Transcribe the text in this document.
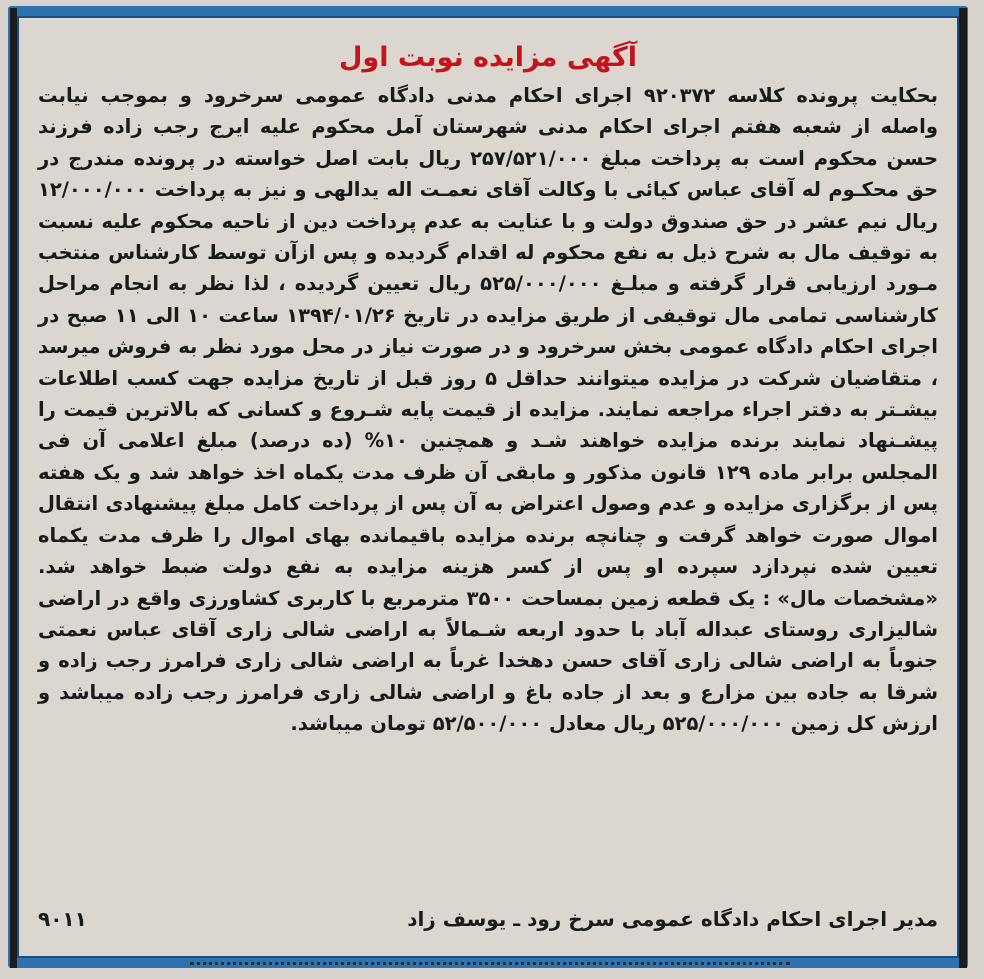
آگهی مزایده نوبت اول

بحکایت پرونده کلاسه ۹۲۰۳۷۲ اجرای احکام مدنی دادگاه عمومی سرخرود و بموجب نیابت واصله از شعبه هفتم اجرای احکام مدنی شهرستان آمل محکوم علیه ایرج رجب زاده فرزند حسن محکوم است به پرداخت مبلغ ۲۵۷/۵۲۱/۰۰۰ ریال بابت اصل خواسته در پرونده مندرج در حق محکـوم له آقای عباس کیائی با وکالت آقای نعمـت اله یدالهی و نیز به پرداخت ۱۲/۰۰۰/۰۰۰ ریال نیم عشر در حق صندوق دولت و با عنایت به عدم پرداخت دین از ناحیه محکوم علیه نسبت به توقیف مال به شرح ذیل به نفع محکوم له اقدام گردیده و پس ازآن توسط کارشناس منتخب مـورد ارزیابی قرار گرفته و مبلـغ ۵۲۵/۰۰۰/۰۰۰ ریال تعیین گردیده ، لذا نظر به انجام مراحل کارشناسی تمامی مال توقیفی از طریق مزایده در تاریخ ۱۳۹۴/۰۱/۲۶ ساعت ۱۰ الی ۱۱ صبح در اجرای احکام دادگاه عمومی بخش سرخرود و در صورت نیاز در محل مورد نظر به فروش میرسد ، متقاضیان شرکت در مزایده میتوانند حداقل ۵ روز قبل از تاریخ مزایده جهت کسب اطلاعات بیشـتر به دفتر اجراء مراجعه نمایند. مزایده از قیمت پایه شـروع و کسانی که بالاترین قیمت را پیشـنهاد نمایند برنده مزایده خواهند شـد و همچنین ۱۰% (ده درصد) مبلغ اعلامی آن فی المجلس برابر ماده ۱۲۹ قانون مذکور و مابقی آن ظرف مدت یکماه اخذ خواهد شد و یک هفته پس از برگزاری مزایده و عدم وصول اعتراض به آن پس از پرداخت کامل مبلغ پیشنهادی انتقال اموال صورت خواهد گرفت و چنانچه برنده مزایده باقیمانده بهای اموال را ظرف مدت یکماه تعیین شده نپردازد سپرده او پس از کسر هزینه مزایده به نفع دولت ضبط خواهد شد. «مشخصات مال» : یک قطعه زمین بمساحت ۳۵۰۰ مترمربع با کاربری کشاورزی واقع در اراضی شالیزاری روستای عبداله آباد با حدود اربعه شـمالاً به اراضی شالی زاری آقای عباس نعمتی جنوباً به اراضی شالی زاری آقای حسن دهخدا غرباً به اراضی شالی زاری فرامرز رجب زاده و شرقا به جاده بین مزارع و بعد از جاده باغ و اراضی شالی زاری فرامرز رجب زاده میباشد و ارزش کل زمین ۵۲۵/۰۰۰/۰۰۰ ریال معادل ۵۲/۵۰۰/۰۰۰ تومان میباشد.

مدیر اجرای احکام دادگاه عمومی سرخ رود ـ یوسف زاد
۹۰۱۱
